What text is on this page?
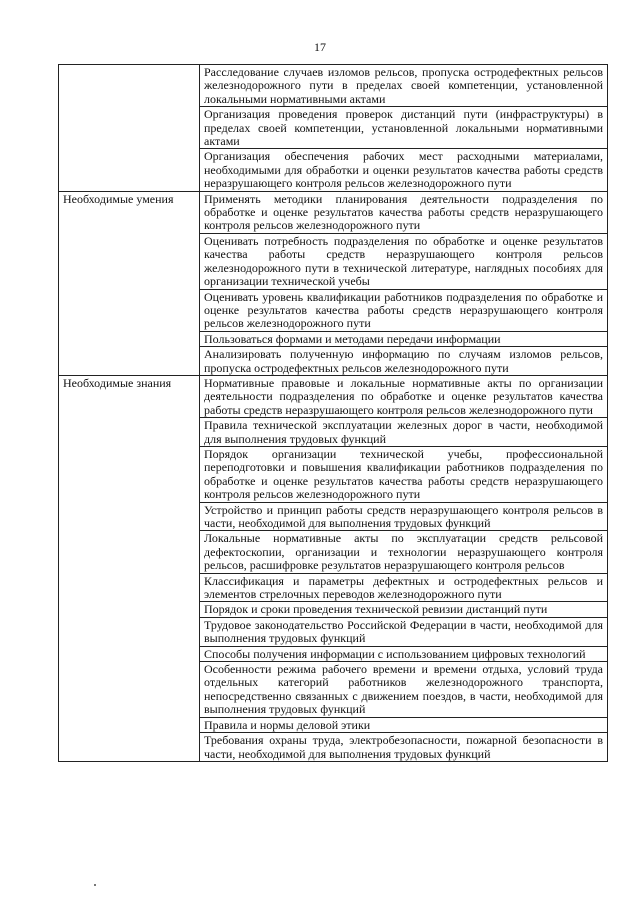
17
	Расследование случаев изломов рельсов, пропуска остродефектных рельсов железнодорожного пути в пределах своей компетенции, установленной локальными нормативными актами
	Организация проведения проверок дистанций пути (инфраструктуры) в пределах своей компетенции, установленной локальными нормативными актами
	Организация обеспечения рабочих мест расходными материалами, необходимыми для обработки и оценки результатов качества работы средств неразрушающего контроля рельсов железнодорожного пути
Необходимые умения	Применять методики планирования деятельности подразделения по обработке и оценке результатов качества работы средств неразрушающего контроля рельсов железнодорожного пути
	Оценивать потребность подразделения по обработке и оценке результатов качества работы средств неразрушающего контроля рельсов железнодорожного пути в технической литературе, наглядных пособиях для организации технической учебы
	Оценивать уровень квалификации работников подразделения по обработке и оценке результатов качества работы средств неразрушающего контроля рельсов железнодорожного пути
	Пользоваться формами и методами передачи информации
	Анализировать полученную информацию по случаям изломов рельсов, пропуска остродефектных рельсов железнодорожного пути
Необходимые знания	Нормативные правовые и локальные нормативные акты по организации деятельности подразделения по обработке и оценке результатов качества работы средств неразрушающего контроля рельсов железнодорожного пути
	Правила технической эксплуатации железных дорог в части, необходимой для выполнения трудовых функций
	Порядок организации технической учебы, профессиональной переподготовки и повышения квалификации работников подразделения по обработке и оценке результатов качества работы средств неразрушающего контроля рельсов железнодорожного пути
	Устройство и принцип работы средств неразрушающего контроля рельсов в части, необходимой для выполнения трудовых функций
	Локальные нормативные акты по эксплуатации средств рельсовой дефектоскопии, организации и технологии неразрушающего контроля рельсов, расшифровке результатов неразрушающего контроля рельсов
	Классификация и параметры дефектных и остродефектных рельсов и элементов стрелочных переводов железнодорожного пути
	Порядок и сроки проведения технической ревизии дистанций пути
	Трудовое законодательство Российской Федерации в части, необходимой для выполнения трудовых функций
	Способы получения информации с использованием цифровых технологий
	Особенности режима рабочего времени и времени отдыха, условий труда отдельных категорий работников железнодорожного транспорта, непосредственно связанных с движением поездов, в части, необходимой для выполнения трудовых функций
	Правила и нормы деловой этики
	Требования охраны труда, электробезопасности, пожарной безопасности в части, необходимой для выполнения трудовых функций
